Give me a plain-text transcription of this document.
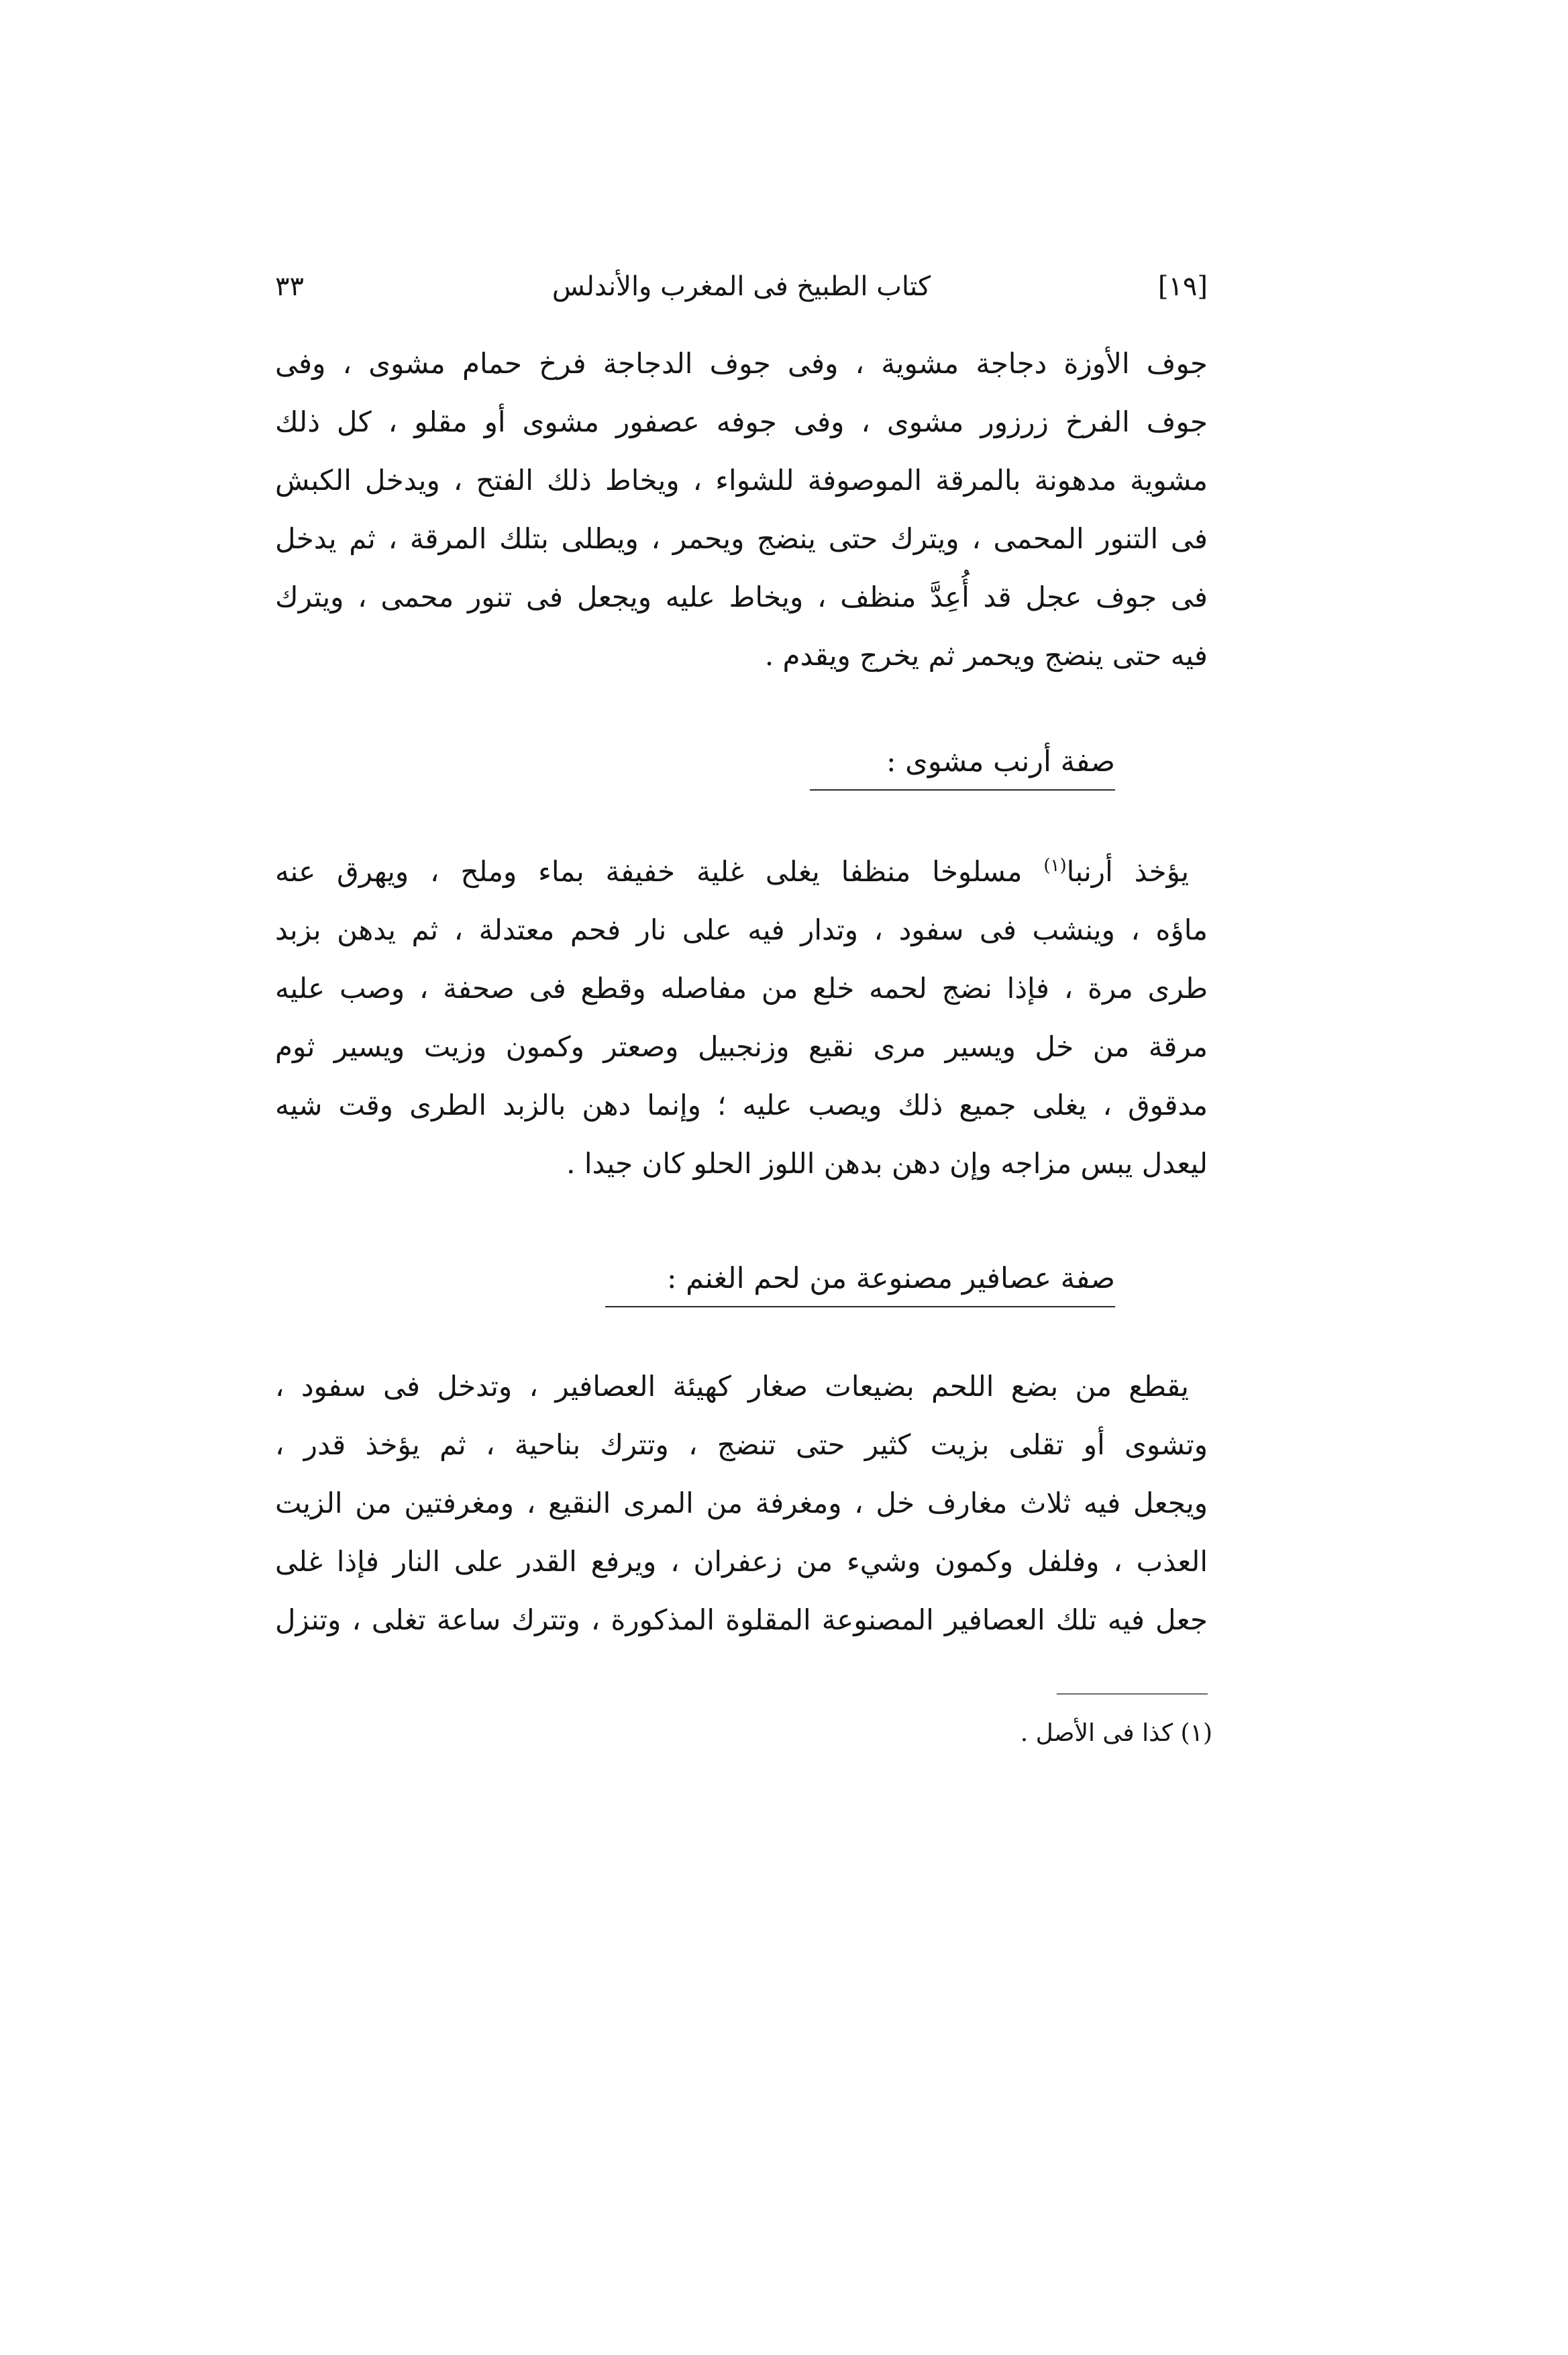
[١٩]
كتاب الطبيخ فى المغرب والأندلس
٣٣
جوف الأوزة دجاجة مشوية ، وفى جوف الدجاجة فرخ حمام مشوى ، وفى
جوف الفرخ زرزور مشوى ، وفى جوفه عصفور مشوى أو مقلو ، كل ذلك
مشوية مدهونة بالمرقة الموصوفة للشواء ، ويخاط ذلك الفتح ، ويدخل الكبش
فى التنور المحمى ، ويترك حتى ينضج ويحمر ، ويطلى بتلك المرقة ، ثم يدخل
فى جوف عجل قد أُعِدَّ منظف ، ويخاط عليه ويجعل فى تنور محمى ، ويترك
فيه حتى ينضج ويحمر ثم يخرج ويقدم .
صفة أرنب مشوى :
يؤخذ أرنبا$^{(١)}$ مسلوخا منظفا يغلى غلية خفيفة بماء وملح ، ويهرق عنه
ماؤه ، وينشب فى سفود ، وتدار فيه على نار فحم معتدلة ، ثم يدهن بزبد
طرى مرة ، فإذا نضج لحمه خلع من مفاصله وقطع فى صحفة ، وصب عليه
مرقة من خل ويسير مرى نقيع وزنجبيل وصعتر وكمون وزيت ويسير ثوم
مدقوق ، يغلى جميع ذلك ويصب عليه ؛ وإنما دهن بالزبد الطرى وقت شيه
ليعدل يبس مزاجه وإن دهن بدهن اللوز الحلو كان جيدا .
صفة عصافير مصنوعة من لحم الغنم :
يقطع من بضع اللحم بضيعات صغار كهيئة العصافير ، وتدخل فى سفود ،
وتشوى أو تقلى بزيت كثير حتى تنضج ، وتترك بناحية ، ثم يؤخذ قدر ،
ويجعل فيه ثلاث مغارف خل ، ومغرفة من المرى النقيع ، ومغرفتين من الزيت
العذب ، وفلفل وكمون وشيء من زعفران ، ويرفع القدر على النار فإذا غلى
جعل فيه تلك العصافير المصنوعة المقلوة المذكورة ، وتترك ساعة تغلى ، وتنزل
(١) كذا فى الأصل .
